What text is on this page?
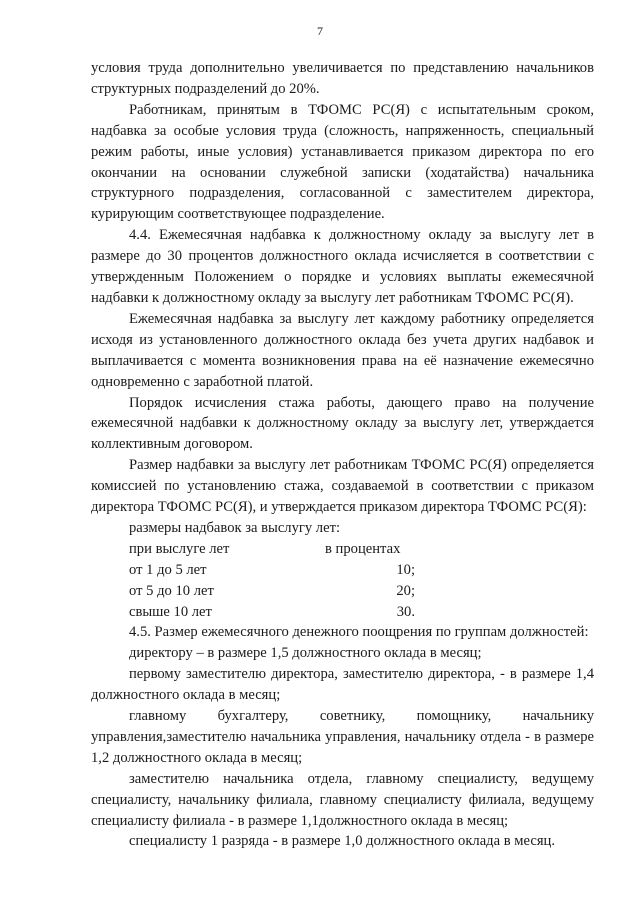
7

условия труда дополнительно увеличивается по представлению начальников структурных подразделений до 20%.

Работникам, принятым в ТФОМС РС(Я) с испытательным сроком, надбавка за особые условия труда (сложность, напряженность, специальный режим работы, иные условия) устанавливается приказом директора по его окончании на основании служебной записки (ходатайства) начальника структурного подразделения, согласованной с заместителем директора, курирующим соответствующее подразделение.

4.4. Ежемесячная надбавка к должностному окладу за выслугу лет в размере до 30 процентов должностного оклада исчисляется в соответствии с утвержденным Положением о порядке и условиях выплаты ежемесячной надбавки к должностному окладу за выслугу лет работникам ТФОМС РС(Я).

Ежемесячная надбавка за выслугу лет каждому работнику определяется исходя из установленного должностного оклада без учета других надбавок и выплачивается с момента возникновения права на её назначение ежемесячно одновременно с заработной платой.

Порядок исчисления стажа работы, дающего право на получение ежемесячной надбавки к должностному окладу за выслугу лет, утверждается коллективным договором.

Размер надбавки за выслугу лет работникам ТФОМС РС(Я) определяется комиссией по установлению стажа, создаваемой в соответствии с приказом директора ТФОМС РС(Я), и утверждается приказом директора ТФОМС РС(Я):

размеры надбавок за выслугу лет:
при выслуге лет	в процентах
от 1 до 5 лет	10;
от 5 до 10 лет	20;
свыше 10 лет	30.

4.5. Размер ежемесячного денежного поощрения по группам должностей:

директору – в размере 1,5 должностного оклада в месяц;

первому заместителю директора, заместителю директора, - в размере 1,4 должностного оклада в месяц;

главному бухгалтеру, советнику, помощнику, начальнику управления,заместителю начальника управления, начальнику отдела - в размере 1,2 должностного оклада в месяц;

заместителю начальника отдела, главному специалисту, ведущему специалисту, начальнику филиала, главному специалисту филиала, ведущему специалисту филиала - в размере 1,1должностного оклада в месяц;

специалисту 1 разряда - в размере 1,0 должностного оклада в месяц.
